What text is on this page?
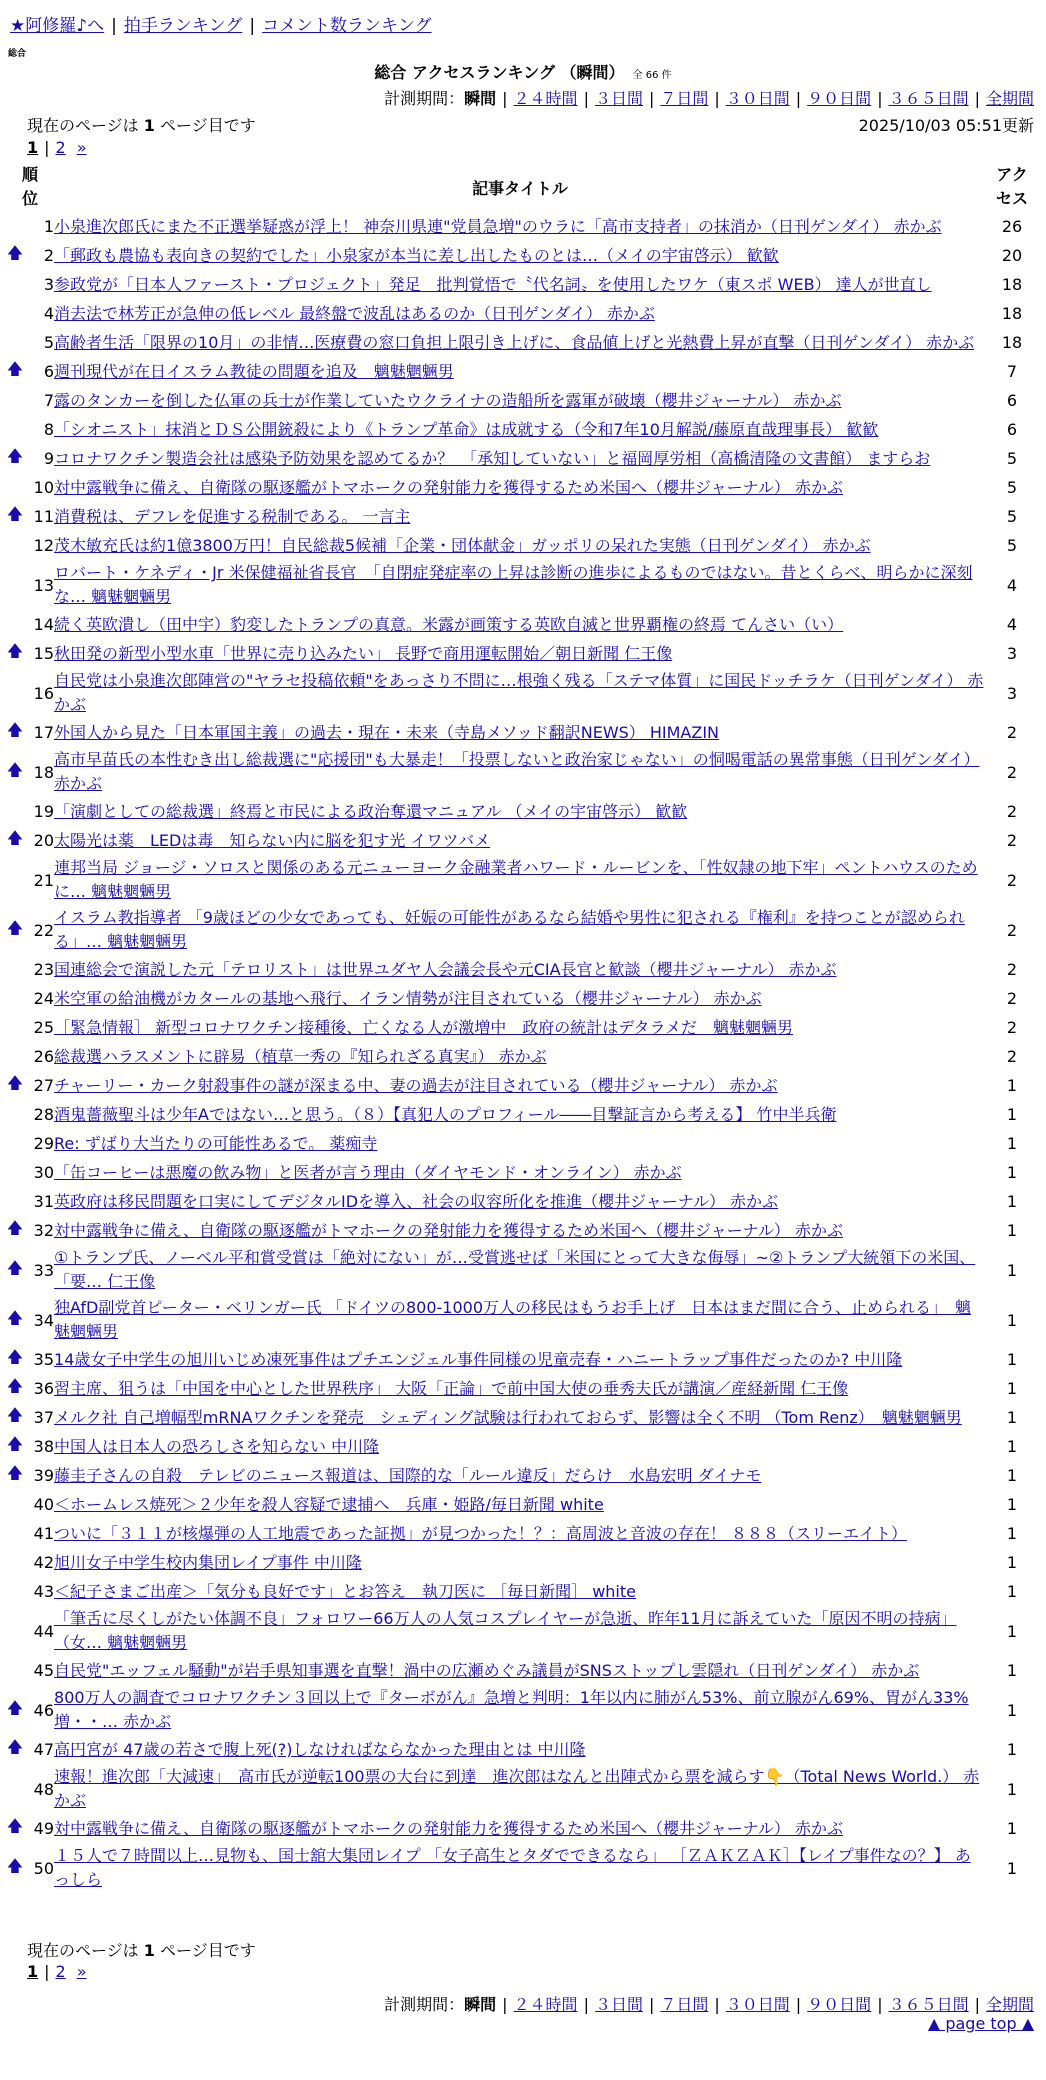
★阿修羅♪へ | 拍手ランキング | コメント数ランキング
総合
総合 アクセスランキング （瞬間） 全 66 件
計測期間：瞬間 | ２４時間 | ３日間 | ７日間 | ３０日間 | ９０日間 | ３６５日間 | 全期間
現在のページは 1 ページ目です	2025/10/03 05:51更新
1 | 2 »
順
位		記事タイトル	アク
セス
	1	小泉進次郎氏にまた不正選挙疑惑が浮上！ 神奈川県連"党員急増"のウラに「高市支持者」の抹消か（日刊ゲンダイ） 赤かぶ	26
🡅	2	「郵政も農協も表向きの契約でした」小泉家が本当に差し出したものとは…（メイの宇宙啓示） 歓歓	20
	3	参政党が「日本人ファースト・プロジェクト」発足　批判覚悟で〝代名詞〟を使用したワケ（東スポ WEB） 達人が世直し	18
	4	消去法で林芳正が急伸の低レベル 最終盤で波乱はあるのか（日刊ゲンダイ） 赤かぶ	18
	5	高齢者生活「限界の10月」の非情…医療費の窓口負担上限引き上げに、食品値上げと光熱費上昇が直撃（日刊ゲンダイ） 赤かぶ	18
🡅	6	週刊現代が在日イスラム教徒の問題を追及　魑魅魍魎男	7
	7	露のタンカーを倒した仏軍の兵士が作業していたウクライナの造船所を露軍が破壊（櫻井ジャーナル） 赤かぶ	6
	8	「シオニスト」抹消とＤＳ公開銃殺により《トランプ革命》は成就する（令和7年10月解説/藤原直哉理事長） 歓歓	6
🡅	9	コロナワクチン製造会社は感染予防効果を認めてるか？　「承知していない」と福岡厚労相（高橋清隆の文書館） ますらお	5
	10	対中露戦争に備え、自衛隊の駆逐艦がトマホークの発射能力を獲得するため米国へ（櫻井ジャーナル） 赤かぶ	5
🡅	11	消費税は、デフレを促進する税制である。 一言主	5
	12	茂木敏充氏は約1億3800万円！自民総裁5候補「企業・団体献金」ガッポリの呆れた実態（日刊ゲンダイ） 赤かぶ	5
	13	ロバート・ケネディ・Jr 米保健福祉省長官　「自閉症発症率の上昇は診断の進歩によるものではない。昔とくらべ、明らかに深刻な… 魑魅魍魎男	4
	14	続く英欧潰し（田中宇）豹変したトランプの真意。米露が画策する英欧自滅と世界覇権の終焉 てんさい（い）	4
🡅	15	秋田発の新型小型水車「世界に売り込みたい」 長野で商用運転開始／朝日新聞 仁王像	3
	16	自民党は小泉進次郎陣営の"ヤラセ投稿依頼"をあっさり不問に…根強く残る「ステマ体質」に国民ドッチラケ（日刊ゲンダイ） 赤かぶ	3
🡅	17	外国人から見た「日本軍国主義」の過去・現在・未来（寺島メソッド翻訳NEWS） HIMAZIN	2
🡅	18	高市早苗氏の本性むき出し総裁選に"応援団"も大暴走！「投票しないと政治家じゃない」の恫喝電話の異常事態（日刊ゲンダイ） 赤かぶ	2
	19	「演劇としての総裁選」終焉と市民による政治奪還マニュアル （メイの宇宙啓示） 歓歓	2
🡅	20	太陽光は薬　LEDは毒　知らない内に脳を犯す光 イワツバメ	2
	21	連邦当局 ジョージ・ソロスと関係のある元ニューヨーク金融業者ハワード・ルービンを、「性奴隷の地下牢」ペントハウスのために… 魑魅魍魎男	2
🡅	22	イスラム教指導者 「9歳ほどの少女であっても、妊娠の可能性があるなら結婚や男性に犯される『権利』を持つことが認められる」… 魑魅魍魎男	2
	23	国連総会で演説した元「テロリスト」は世界ユダヤ人会議会長や元CIA長官と歓談（櫻井ジャーナル） 赤かぶ	2
	24	米空軍の給油機がカタールの基地へ飛行、イラン情勢が注目されている（櫻井ジャーナル） 赤かぶ	2
	25	［緊急情報］ 新型コロナワクチン接種後、亡くなる人が激増中　政府の統計はデタラメだ　魑魅魍魎男	2
	26	総裁選ハラスメントに辟易（植草一秀の『知られざる真実』） 赤かぶ	2
🡅	27	チャーリー・カーク射殺事件の謎が深まる中、妻の過去が注目されている（櫻井ジャーナル） 赤かぶ	1
	28	酒鬼薔薇聖斗は少年Aではない…と思う。（８）【真犯人のプロフィール――目撃証言から考える】 竹中半兵衛	1
	29	Re: ずばり大当たりの可能性あるで。 薬痴寺	1
	30	「缶コーヒーは悪魔の飲み物」と医者が言う理由（ダイヤモンド・オンライン） 赤かぶ	1
	31	英政府は移民問題を口実にしてデジタルIDを導入、社会の収容所化を推進（櫻井ジャーナル） 赤かぶ	1
🡅	32	対中露戦争に備え、自衛隊の駆逐艦がトマホークの発射能力を獲得するため米国へ（櫻井ジャーナル） 赤かぶ	1
🡅	33	①トランプ氏、ノーベル平和賞受賞は「絶対にない」が…受賞逃せば「米国にとって大きな侮辱」~②トランプ大統領下の米国、「要… 仁王像	1
🡅	34	独AfD副党首ピーター・ベリンガー氏 「ドイツの800-1000万人の移民はもうお手上げ　日本はまだ間に合う、止められる」　魑魅魍魎男	1
🡅	35	14歳女子中学生の旭川いじめ凍死事件はプチエンジェル事件同様の児童売春・ハニートラップ事件だったのか? 中川隆	1
🡅	36	習主席、狙うは「中国を中心とした世界秩序」 大阪「正論」で前中国大使の垂秀夫氏が講演／産経新聞 仁王像	1
🡅	37	メルク社 自己増幅型mRNAワクチンを発売　シェディング試験は行われておらず、影響は全く不明 （Tom Renz）　魑魅魍魎男	1
🡅	38	中国人は日本人の恐ろしさを知らない 中川隆	1
🡅	39	藤圭子さんの自殺　テレビのニュース報道は、国際的な「ルール違反」だらけ　水島宏明 ダイナモ	1
	40	＜ホームレス焼死＞２少年を殺人容疑で逮捕へ　兵庫・姫路/毎日新聞 white	1
	41	ついに「３１１が核爆弾の人工地震であった証拠」が見つかった！？：高周波と音波の存在！ ８８８（スリーエイト）	1
	42	旭川女子中学生校内集団レイプ事件 中川隆	1
	43	＜紀子さまご出産＞「気分も良好です」とお答え　執刀医に ［毎日新聞］ white	1
	44	「筆舌に尽くしがたい体調不良」フォロワー66万人の人気コスプレイヤーが急逝、昨年11月に訴えていた「原因不明の持病」（女… 魑魅魍魎男	1
	45	自民党"エッフェル騒動"が岩手県知事選を直撃！渦中の広瀬めぐみ議員がSNSストップし雲隠れ（日刊ゲンダイ） 赤かぶ	1
🡅	46	800万人の調査でコロナワクチン３回以上で『ターボがん』急増と判明：1年以内に肺がん53%、前立腺がん69%、胃がん33%増・・… 赤かぶ	1
🡅	47	高円宮が 47歳の若さで腹上死(?)しなければならなかった理由とは 中川隆	1
	48	速報！進次郎「大減速」　高市氏が逆転100票の大台に到達　進次郎はなんと出陣式から票を減らす👇（Total News World.） 赤かぶ	1
🡅	49	対中露戦争に備え、自衛隊の駆逐艦がトマホークの発射能力を獲得するため米国へ（櫻井ジャーナル） 赤かぶ	1
🡅	50	１５人で７時間以上…見物も、国士舘大集団レイプ 「女子高生とタダでできるなら」 ［ＺＡＫＺＡＫ］【レイプ事件なの？】 あっしら	1
現在のページは 1 ページ目です
1 | 2 »
計測期間：瞬間 | ２４時間 | ３日間 | ７日間 | ３０日間 | ９０日間 | ３６５日間 | 全期間
▲ page top ▲
